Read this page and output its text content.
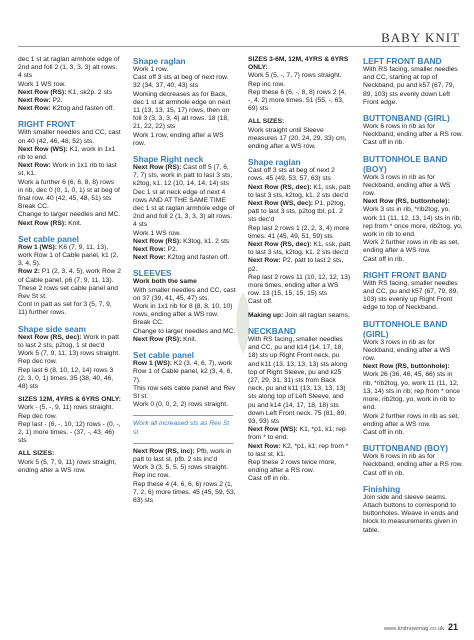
BABY KNIT
dec 1 st at raglan armhole edge of 2nd and foll 2 (1, 3, 3, 3) alt rows. 4 sts
Work 1 WS row.
Next Row (RS): K1, sk2p. 2 sts
Next Row: P2.
Next Row: K2tog and fasten off.
RIGHT FRONT
With smaller needles and CC, cast on 40 (42, 46, 48, 52) sts.
Next Row (WS): K1, work in 1x1 rib to end.
Next Row: Work in 1x1 rib to last st, k1.
Work a further 6 (6, 6, 8, 8) rows in rib, dec 0 (0, 1, 0, 1) st at beg of final row. 40 (42, 45, 48, 51) sts
Break CC.
Change to larger needles and MC.
Next Row (RS): Knit.
Set cable panel
Row 1 (WS): K6 (7, 9, 11, 13), work Row 1 of Cable panel, k1 (2, 3, 4, 5).
Row 2: P1 (2, 3, 4, 5), work Row 2 of Cable panel, p6 (7, 9, 11, 13).
These 2 rows set cable panel and Rev St st.
Cont in patt as set for 3 (5, 7, 9, 11) further rows.
Shape side seam
Next Row (RS, dec): Work in patt to last 2 sts, p2tog, 1 st dec'd
Work 5 (7, 9, 11, 13) rows straight.
Rep dec row.
Rep last 6 (8, 10, 12, 14) rows 3 (2, 3, 0, 1) times. 35 (38, 40, 46, 48) sts
SIZES 12M, 4YRS & 6YRS ONLY:
Work - (5, -, 9, 11) rows straight.
Rep dec row.
Rep last - (6, -, 10, 12) rows - (0, -, 2, 1) more times. - (37, -, 43, 46) sts
ALL SIZES:
Work 5 (5, 7, 9, 11) rows straight, ending after a WS row.
Shape raglan
Work 1 row.
Cast off 3 sts at beg of next row. 32 (34, 37, 40, 43) sts
Working decreases as for Back, dec 1 st at armhole edge on next 11 (13, 13, 15, 17) rows, then on foll 3 (3, 3, 3, 4) alt rows. 18 (18, 21, 22, 22) sts
Work 1 row, ending after a WS row.
Shape Right neck
Next Row (RS): Cast off 5 (7, 6, 7, 7) sts, work in patt to last 3 sts, k2tog, k1. 12 (10, 14, 14, 14) sts
Dec 1 st at neck edge of next 4 rows AND AT THE SAME TIME dec 1 st at raglan armhole edge of 2nd and foll 2 (1, 3, 3, 3) alt rows. 4 sts
Work 1 WS row.
Next Row (RS): K3tog, k1. 2 sts
Next Row: P2.
Next Row: K2tog and fasten off.
SLEEVES
Work both the same
With smaller needles and CC, cast on 37 (39, 41, 45, 47) sts.
Work in 1x1 rib for 8 (8, 8, 10, 10) rows, ending after a WS row.
Break CC.
Change to larger needles and MC.
Next Row (RS): Knit.
Set cable panel
Row 1 (WS): K2 (3, 4, 6, 7), work Row 1 of Cable panel, k2 (3, 4, 6, 7).
This row sets cable panel and Rev St st.
Work 0 (0, 0, 2, 2) rows straight.
Work all increased sts as Rev St st
Next Row (RS, inc): Pfb, work in patt to last st, pfb. 2 sts inc'd
Work 3 (3, 5, 5, 5) rows straight.
Rep inc row.
Rep these 4 (4, 6, 6, 6) rows 2 (1, 7, 2, 6) more times. 45 (45, 59, 53, 63) sts
SIZES 3-6M, 12M, 4YRS & 6YRS ONLY:
Work 5 (5, -, 7, 7) rows straight.
Rep inc row.
Rep these 6 (6, -, 8, 8) rows 2 (4, -, 4, 2) more times. 51 (55, -, 63, 69) sts
ALL SIZES:
Work straight until Sleeve measures 17 (20, 24, 29, 33) cm, ending after a WS row.
Shape raglan
Cast off 3 sts at beg of next 2 rows. 45 (49, 53, 57, 63) sts
Next Row (RS, dec): K1, ssk, patt to last 3 sts, k2tog, k1. 2 sts dec'd
Next Row (WS, dec): P1, p2tog, patt to last 3 sts, p2tog tbl, p1. 2 sts dec'd
Rep last 2 rows 1 (2, 2, 3, 4) more times. 41 (45, 49, 51, 59) sts
Next Row (RS, dec): K1, ssk, patt to last 3 sts, k2tog, k1. 2 sts dec'd
Next Row: P2, patt to last 2 sts, p2.
Rep last 2 rows 11 (10, 12, 12, 13) more times, ending after a WS row. 13 (15, 15, 15, 15) sts
Cast off.
Making up: Join all raglan seams.
NECKBAND
With RS facing, smaller needles and CC, pu and k14 (14, 17, 18, 18) sts up Right Front neck, pu and k11 (13, 13, 13, 13) sts along top of Right Sleeve, pu and k25 (27, 29, 31, 31) sts from Back neck, pu and k11 (13, 13, 13, 13) sts along top of Left Sleeve, and pu and k14 (14, 17, 18, 18) sts down Left Front neck. 75 (81, 89, 93, 93) sts
Next Row (WS): K1, *p1, k1; rep from * to end.
Next Row: K2, *p1, k1; rep from * to last st, k1.
Rep these 2 rows twice more, ending after a RS row.
Cast off in rib.
LEFT FRONT BAND
With RS facing, smaller needles and CC, starting at top of Neckband, pu and k57 (67, 79, 89, 103) sts evenly down Left Front edge.
BUTTONBAND (GIRL)
Work 6 rows in rib as for Neckband, ending after a RS row.
Cast off in rib.
BUTTONHOLE BAND (BOY)
Work 3 rows in rib as for Neckband, ending after a WS row.
Next Row (RS, buttonhole): Work 3 sts in rib, *rib2tog, yo, work 11 (11, 12, 13, 14) sts in rib; rep from * once more, rib2tog, yo, work in rib to end.
Work 2 further rows in rib as set, ending after a WS row.
Cast off in rib.
RIGHT FRONT BAND
With RS facing, smaller needles and CC, pu and k57 (67, 79, 89, 103) sts evenly up Right Front edge to top of Neckband.
BUTTONHOLE BAND (GIRL)
Work 3 rows in rib as for Neckband, ending after a WS row.
Next Row (RS, buttonhole): Work 26 (36, 46, 45, 66) sts in rib, *rib2tog, yo, work 11 (11, 12, 13, 14) sts in rib; rep from * once more, rib2tog, yo, work in rib to end.
Work 2 further rows in rib as set, ending after a WS row.
Cast off in rib.
BUTTONBAND (BOY)
Work 6 rows in rib as for Neckband, ending after a RS row.
Cast off in rib.
Finishing
Join side and sleeve seams. Attach buttons to correspond to buttonholes. Weave in ends and block to measurements given in table.
www.knitnowmag.co.uk 21
